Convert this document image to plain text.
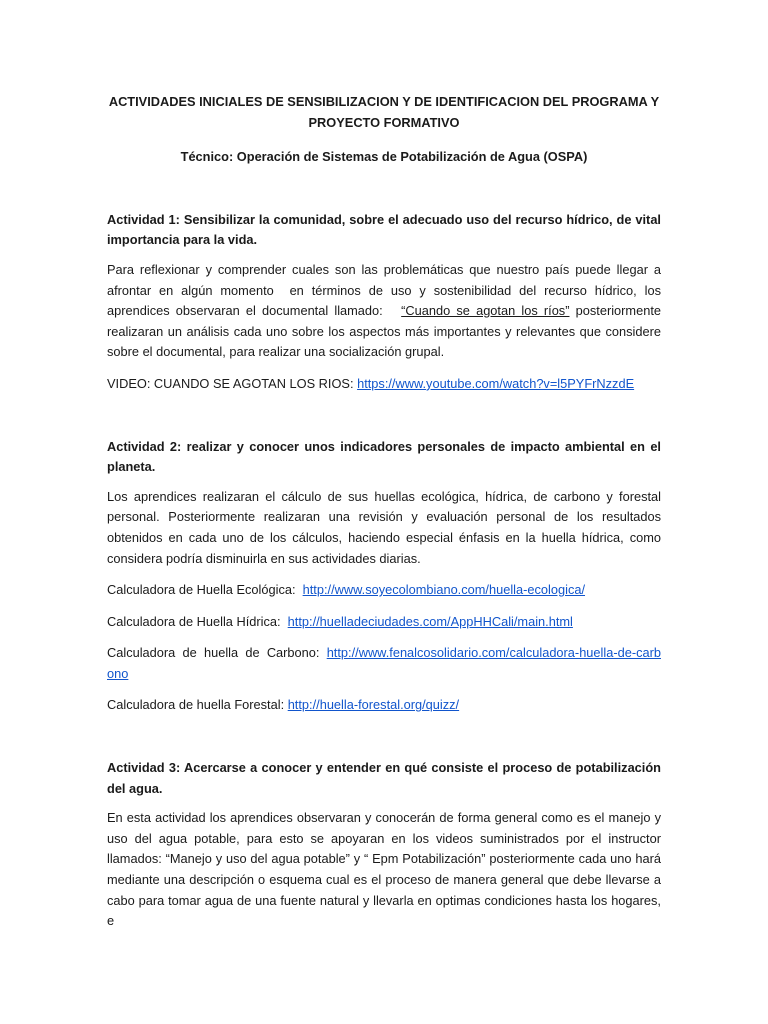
ACTIVIDADES INICIALES DE SENSIBILIZACION Y DE IDENTIFICACION DEL PROGRAMA Y

PROYECTO FORMATIVO

Técnico: Operación de Sistemas de Potabilización de Agua (OSPA)

Actividad 1: Sensibilizar la comunidad, sobre el adecuado uso del recurso hídrico, de vital importancia para la vida.

Para reflexionar y comprender cuales son las problemáticas que nuestro país puede llegar a afrontar en algún momento  en términos de uso y sostenibilidad del recurso hídrico, los aprendices observaran el documental llamado:   “Cuando se agotan los ríos” posteriormente realizaran un análisis cada uno sobre los aspectos más importantes y relevantes que considere sobre el documental, para realizar una socialización grupal.

VIDEO: CUANDO SE AGOTAN LOS RIOS: https://www.youtube.com/watch?v=l5PYFrNzzdE

Actividad 2: realizar y conocer unos indicadores personales de impacto ambiental en el planeta.

Los aprendices realizaran el cálculo de sus huellas ecológica, hídrica, de carbono y forestal personal. Posteriormente realizaran una revisión y evaluación personal de los resultados obtenidos en cada uno de los cálculos, haciendo especial énfasis en la huella hídrica, como considera podría disminuirla en sus actividades diarias.

Calculadora de Huella Ecológica:  http://www.soyecolombiano.com/huella-ecologica/

Calculadora de Huella Hídrica:  http://huelladeciudades.com/AppHHCali/main.html

Calculadora  de  huella  de  Carbono:  http://www.fenalcosolidario.com/calculadora-huella-de-carbono

Calculadora de huella Forestal: http://huella-forestal.org/quizz/

Actividad 3: Acercarse a conocer y entender en qué consiste el proceso de potabilización del agua.

En esta actividad los aprendices observaran y conocerán de forma general como es el manejo y uso del agua potable, para esto se apoyaran en los videos suministrados por el instructor llamados: “Manejo y uso del agua potable” y “ Epm Potabilización” posteriormente cada uno hará mediante una descripción o esquema cual es el proceso de manera general que debe llevarse a cabo para tomar agua de una fuente natural y llevarla en optimas condiciones hasta los hogares, e
